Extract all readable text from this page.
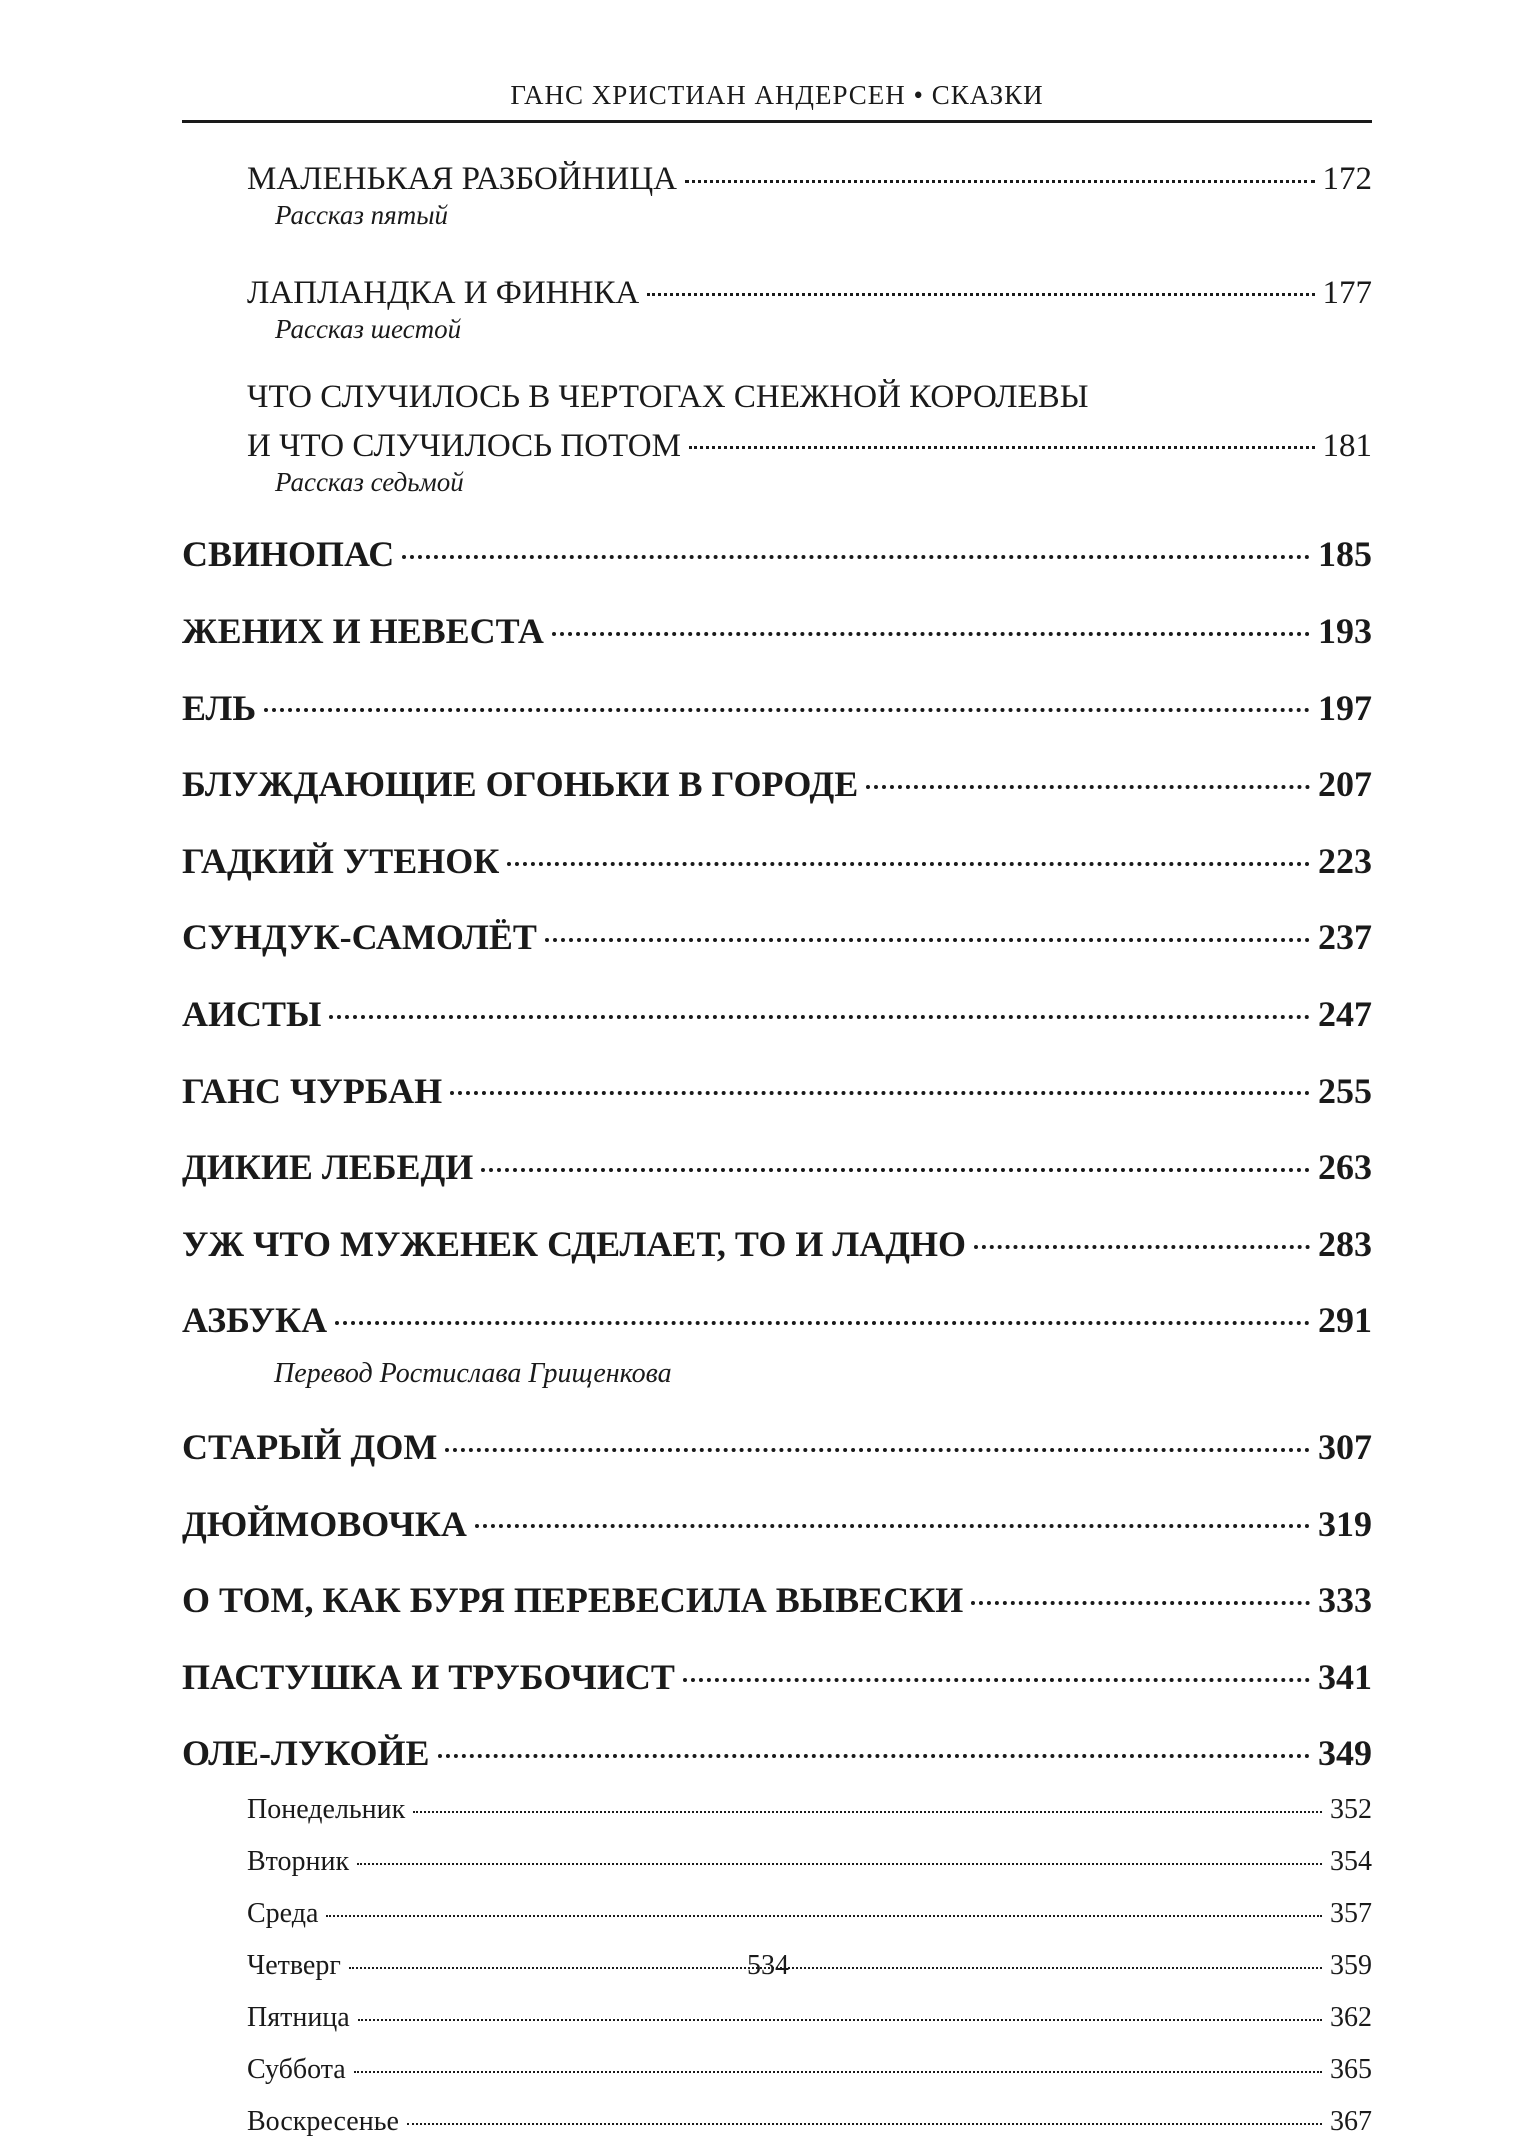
ГАНС ХРИСТИАН АНДЕРСЕН • СКАЗКИ
МАЛЕНЬКАЯ РАЗБОЙНИЦА	172
Рассказ пятый
ЛАПЛАНДКА И ФИННКА	177
Рассказ шестой
ЧТО СЛУЧИЛОСЬ В ЧЕРТОГАХ СНЕЖНОЙ КОРОЛЕВЫ
И ЧТО СЛУЧИЛОСЬ ПОТОМ	181
Рассказ седьмой
СВИНОПАС	185
ЖЕНИХ И НЕВЕСТА	193
ЕЛЬ	197
БЛУЖДАЮЩИЕ ОГОНЬКИ В ГОРОДЕ	207
ГАДКИЙ УТЕНОК	223
СУНДУК-САМОЛЁТ	237
АИСТЫ	247
ГАНС ЧУРБАН	255
ДИКИЕ ЛЕБЕДИ	263
УЖ ЧТО МУЖЕНЕК СДЕЛАЕТ, ТО И ЛАДНО	283
АЗБУКА	291
Перевод Ростислава Грищенкова
СТАРЫЙ ДОМ	307
ДЮЙМОВОЧКА	319
О ТОМ, КАК БУРЯ ПЕРЕВЕСИЛА ВЫВЕСКИ	333
ПАСТУШКА И ТРУБОЧИСТ	341
ОЛЕ-ЛУКОЙЕ	349
Понедельник	352
Вторник	354
Среда	357
Четверг	359
Пятница	362
Суббота	365
Воскресенье	367
534
